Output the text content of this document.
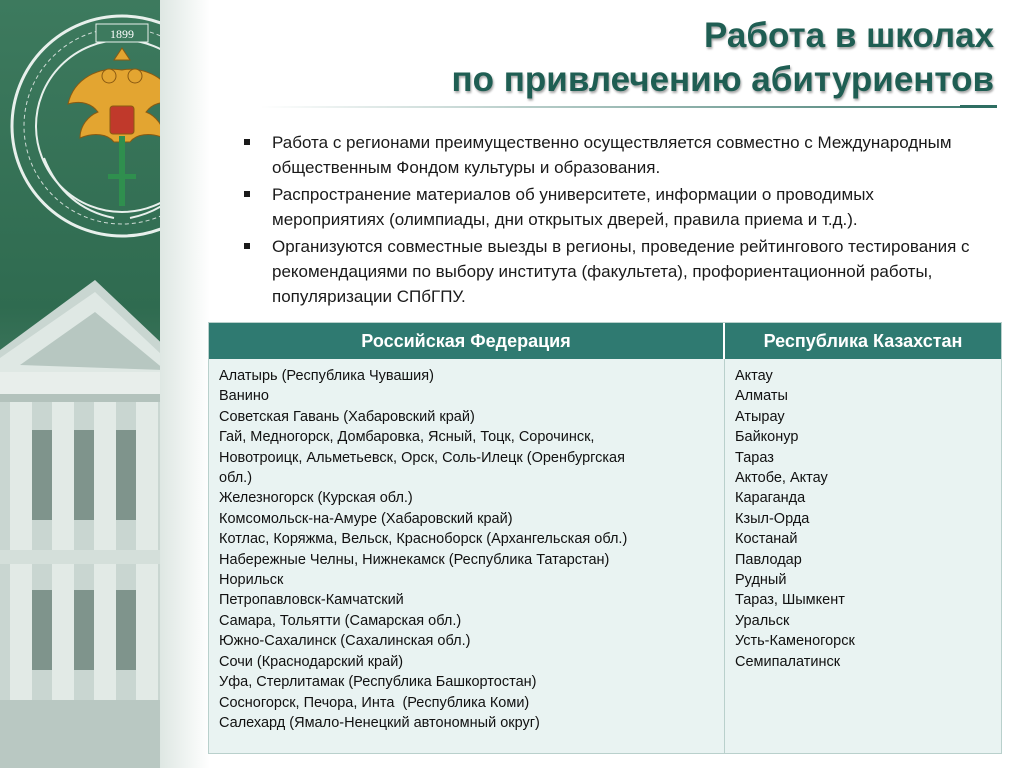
1899	Работа в школах
по привлечению абитуриентов
Работа с регионами преимущественно осуществляется совместно с Международным общественным Фондом культуры и образования.
Распространение материалов об университете, информации о проводимых мероприятиях (олимпиады, дни открытых дверей, правила приема и т.д.).
Организуются совместные выезды в регионы, проведение рейтингового тестирования с рекомендациями по выбору института (факультета), профориентационной работы, популяризации СПбГПУ.
Российская Федерация	Республика Казахстан
Алатырь (Республика Чувашия)
Ванино
Советская Гавань (Хабаровский край)
Гай, Медногорск, Домбаровка, Ясный, Тоцк, Сорочинск,
Новотроицк, Альметьевск, Орск, Соль-Илецк (Оренбургская
обл.)
Железногорск (Курская обл.)
Комсомольск-на-Амуре (Хабаровский край)
Котлас, Коряжма, Вельск, Красноборск (Архангельская обл.)
Набережные Челны, Нижнекамск (Республика Татарстан)
Норильск
Петропавловск-Камчатский
Самара, Тольятти (Самарская обл.)
Южно-Сахалинск (Сахалинская обл.)
Сочи (Краснодарский край)
Уфа, Стерлитамак (Республика Башкортостан)
Сосногорск, Печора, Инта  (Республика Коми)
Салехард (Ямало-Ненецкий автономный округ)
Актау
Алматы
Атырау
Байконур
Тараз
Актобе, Актау
Караганда
Кзыл-Орда
Костанай
Павлодар
Рудный
Тараз, Шымкент
Уральск
Усть-Каменогорск
Семипалатинск
